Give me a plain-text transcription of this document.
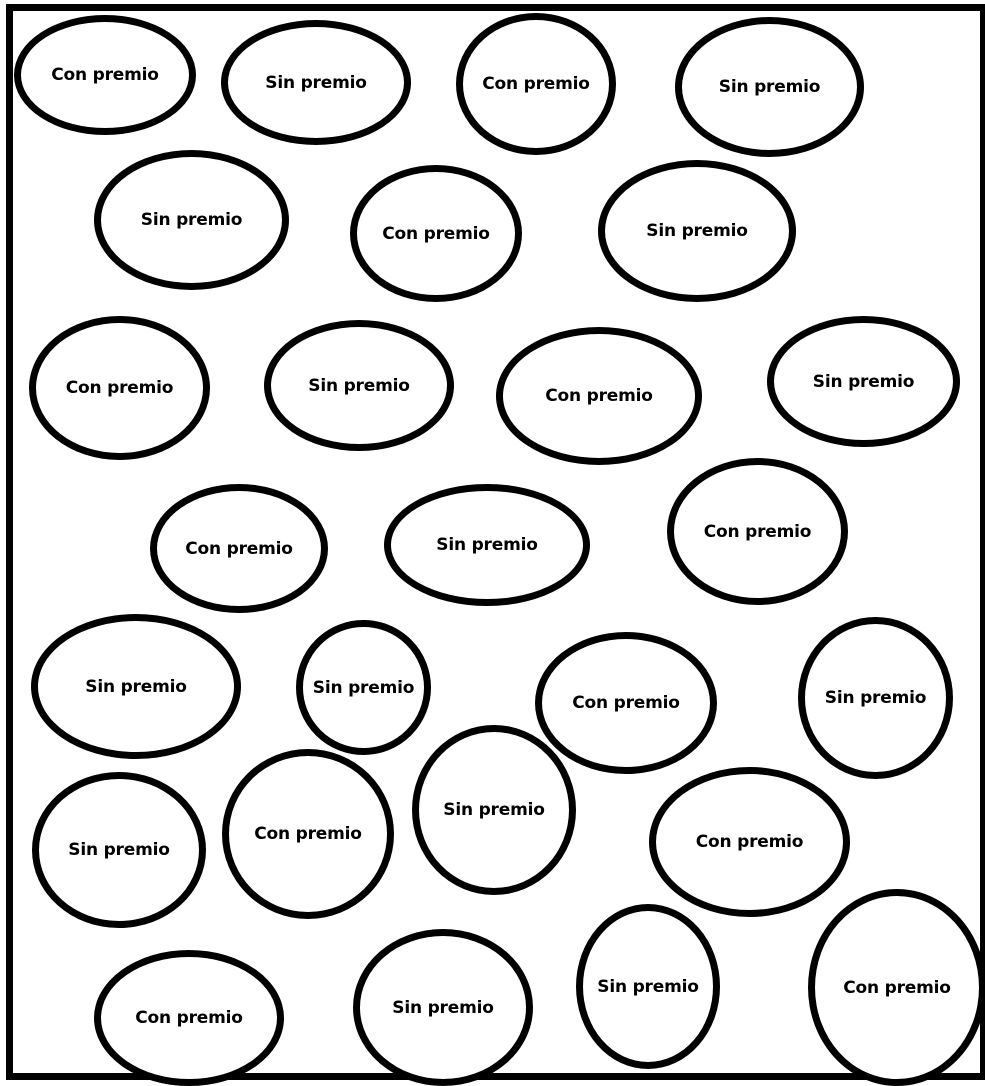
Con premio	Sin premio	Con premio	Sin premio
Sin premio
Con premio	Sin premio
Con premio	Sin premio
Con premio
Sin premio
Con premio	Sin premio
Con premio
Sin premio	Sin premio
Con premio	Sin premio
Sin premio
Con premio
Sin premio
Con premio
Con premio
Sin premio
Sin premio	Con premio
